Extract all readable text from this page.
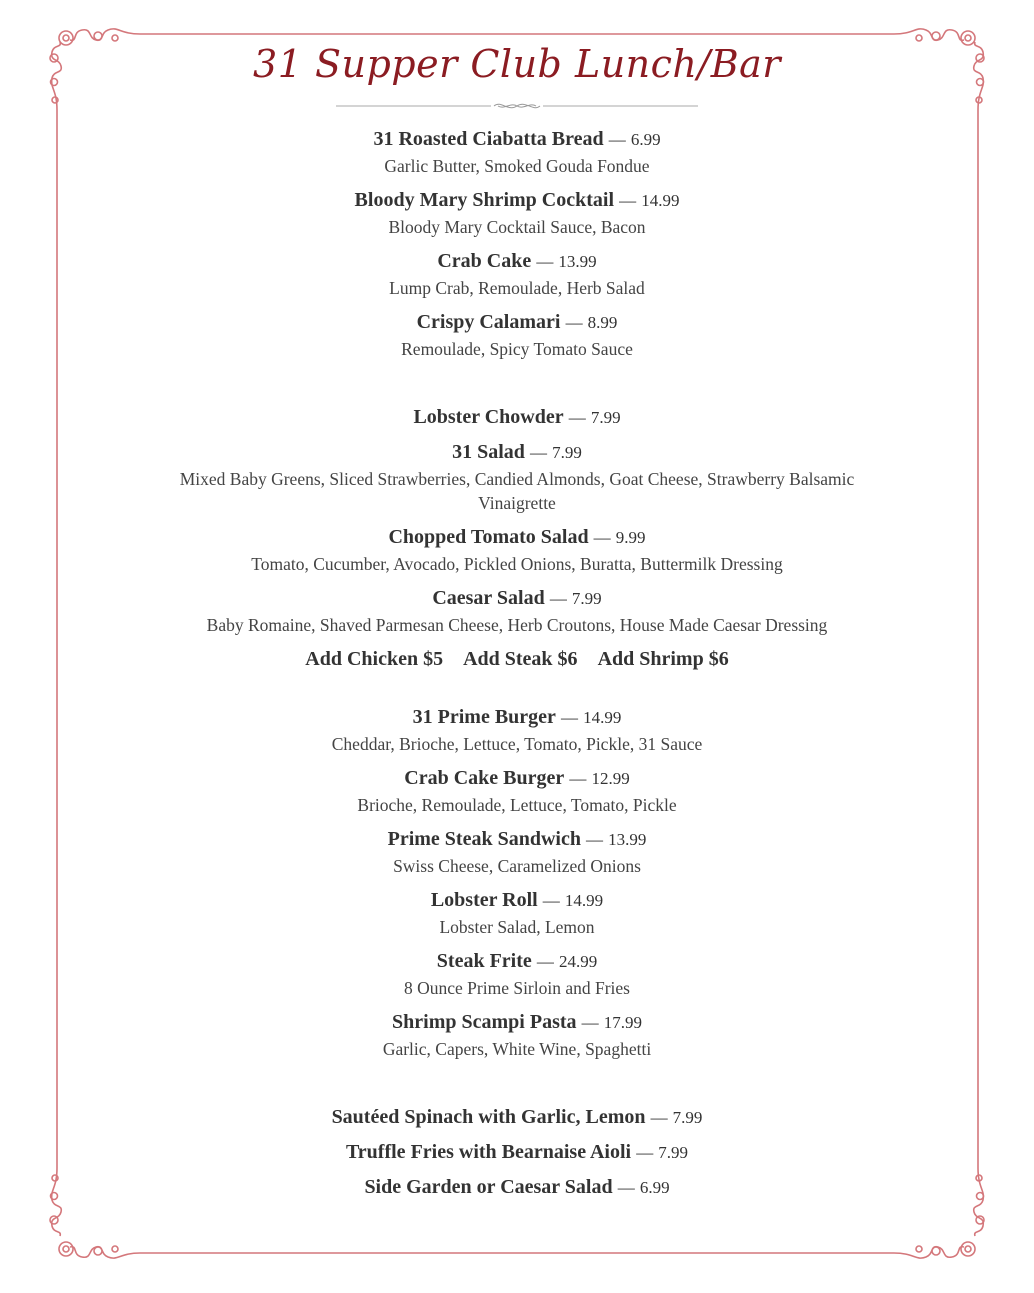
31 Supper Club Lunch/Bar
31 Roasted Ciabatta Bread — 6.99
Garlic Butter, Smoked Gouda Fondue
Bloody Mary Shrimp Cocktail — 14.99
Bloody Mary Cocktail Sauce, Bacon
Crab Cake — 13.99
Lump Crab, Remoulade, Herb Salad
Crispy Calamari — 8.99
Remoulade, Spicy Tomato Sauce
Lobster Chowder — 7.99
31 Salad — 7.99
Mixed Baby Greens, Sliced Strawberries, Candied Almonds, Goat Cheese, Strawberry Balsamic Vinaigrette
Chopped Tomato Salad — 9.99
Tomato, Cucumber, Avocado, Pickled Onions, Buratta, Buttermilk Dressing
Caesar Salad — 7.99
Baby Romaine, Shaved Parmesan Cheese, Herb Croutons, House Made Caesar Dressing
Add Chicken $5 Add Steak $6 Add Shrimp $6
31 Prime Burger — 14.99
Cheddar, Brioche, Lettuce, Tomato, Pickle, 31 Sauce
Crab Cake Burger — 12.99
Brioche, Remoulade, Lettuce, Tomato, Pickle
Prime Steak Sandwich — 13.99
Swiss Cheese, Caramelized Onions
Lobster Roll — 14.99
Lobster Salad, Lemon
Steak Frite — 24.99
8 Ounce Prime Sirloin and Fries
Shrimp Scampi Pasta — 17.99
Garlic, Capers, White Wine, Spaghetti
Sautéed Spinach with Garlic, Lemon — 7.99
Truffle Fries with Bearnaise Aioli — 7.99
Side Garden or Caesar Salad — 6.99
